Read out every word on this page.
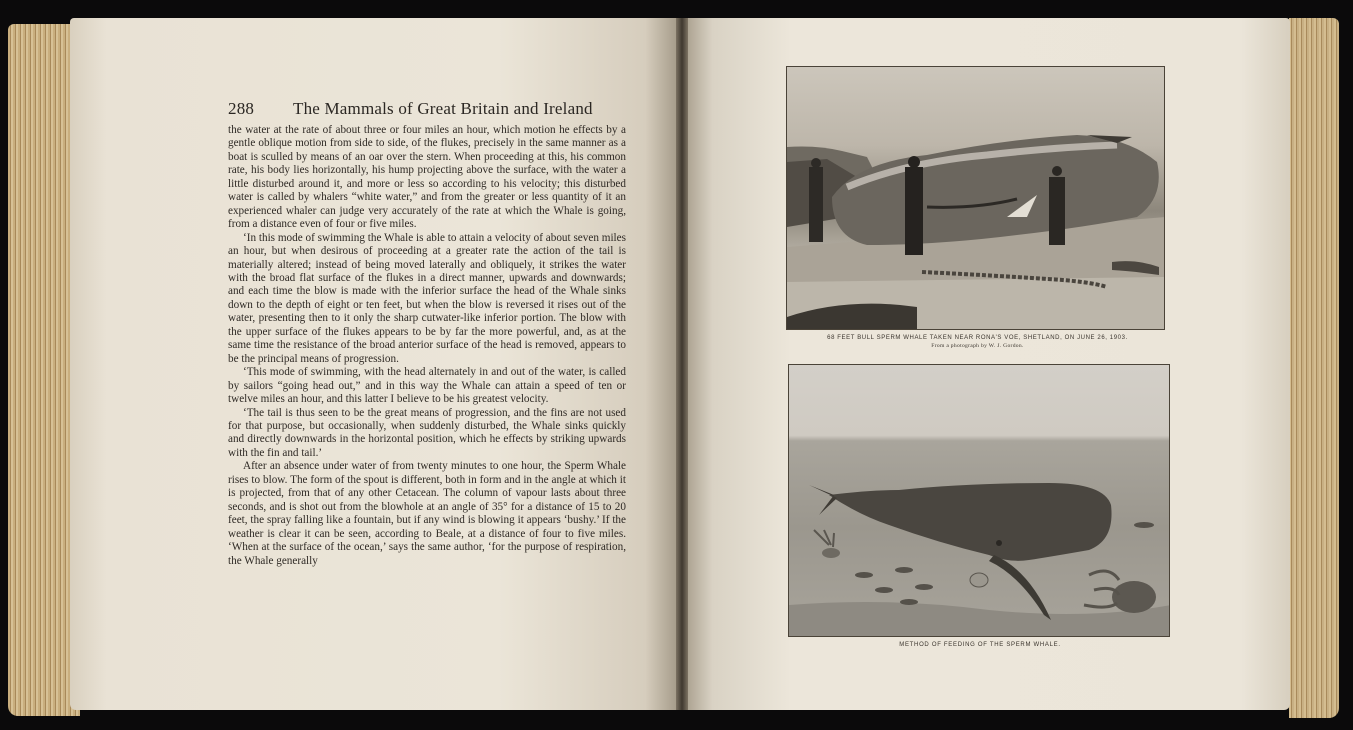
288 The Mammals of Great Britain and Ireland

the water at the rate of about three or four miles an hour, which motion he effects by a gentle oblique motion from side to side, of the flukes, precisely in the same manner as a boat is sculled by means of an oar over the stern. When proceeding at this, his common rate, his body lies horizontally, his hump projecting above the surface, with the water a little disturbed around it, and more or less so according to his velocity; this disturbed water is called by whalers “white water,” and from the greater or less quantity of it an experienced whaler can judge very accurately of the rate at which the Whale is going, from a distance even of four or five miles.

‘In this mode of swimming the Whale is able to attain a velocity of about seven miles an hour, but when desirous of proceeding at a greater rate the action of the tail is materially altered; instead of being moved laterally and obliquely, it strikes the water with the broad flat surface of the flukes in a direct manner, upwards and downwards; and each time the blow is made with the inferior surface the head of the Whale sinks down to the depth of eight or ten feet, but when the blow is reversed it rises out of the water, presenting then to it only the sharp cutwater-like inferior portion. The blow with the upper surface of the flukes appears to be by far the more powerful, and, as at the same time the resistance of the broad anterior surface of the head is removed, appears to be the principal means of progression.

‘This mode of swimming, with the head alternately in and out of the water, is called by sailors “going head out,” and in this way the Whale can attain a speed of ten or twelve miles an hour, and this latter I believe to be his greatest velocity.

‘The tail is thus seen to be the great means of progression, and the fins are not used for that purpose, but occasionally, when suddenly disturbed, the Whale sinks quickly and directly downwards in the horizontal position, which he effects by striking upwards with the fin and tail.’

After an absence under water of from twenty minutes to one hour, the Sperm Whale rises to blow. The form of the spout is different, both in form and in the angle at which it is projected, from that of any other Cetacean. The column of vapour lasts about three seconds, and is shot out from the blowhole at an angle of 35° for a distance of 15 to 20 feet, the spray falling like a fountain, but if any wind is blowing it appears ‘bushy.’ If the weather is clear it can be seen, according to Beale, at a distance of four to five miles. ‘When at the surface of the ocean,’ says the same author, ‘for the purpose of respiration, the Whale generally

68 FEET BULL SPERM WHALE TAKEN NEAR RONA'S VOE, SHETLAND, ON JUNE 26, 1903.
From a photograph by W. J. Gordon.
METHOD OF FEEDING OF THE SPERM WHALE.
